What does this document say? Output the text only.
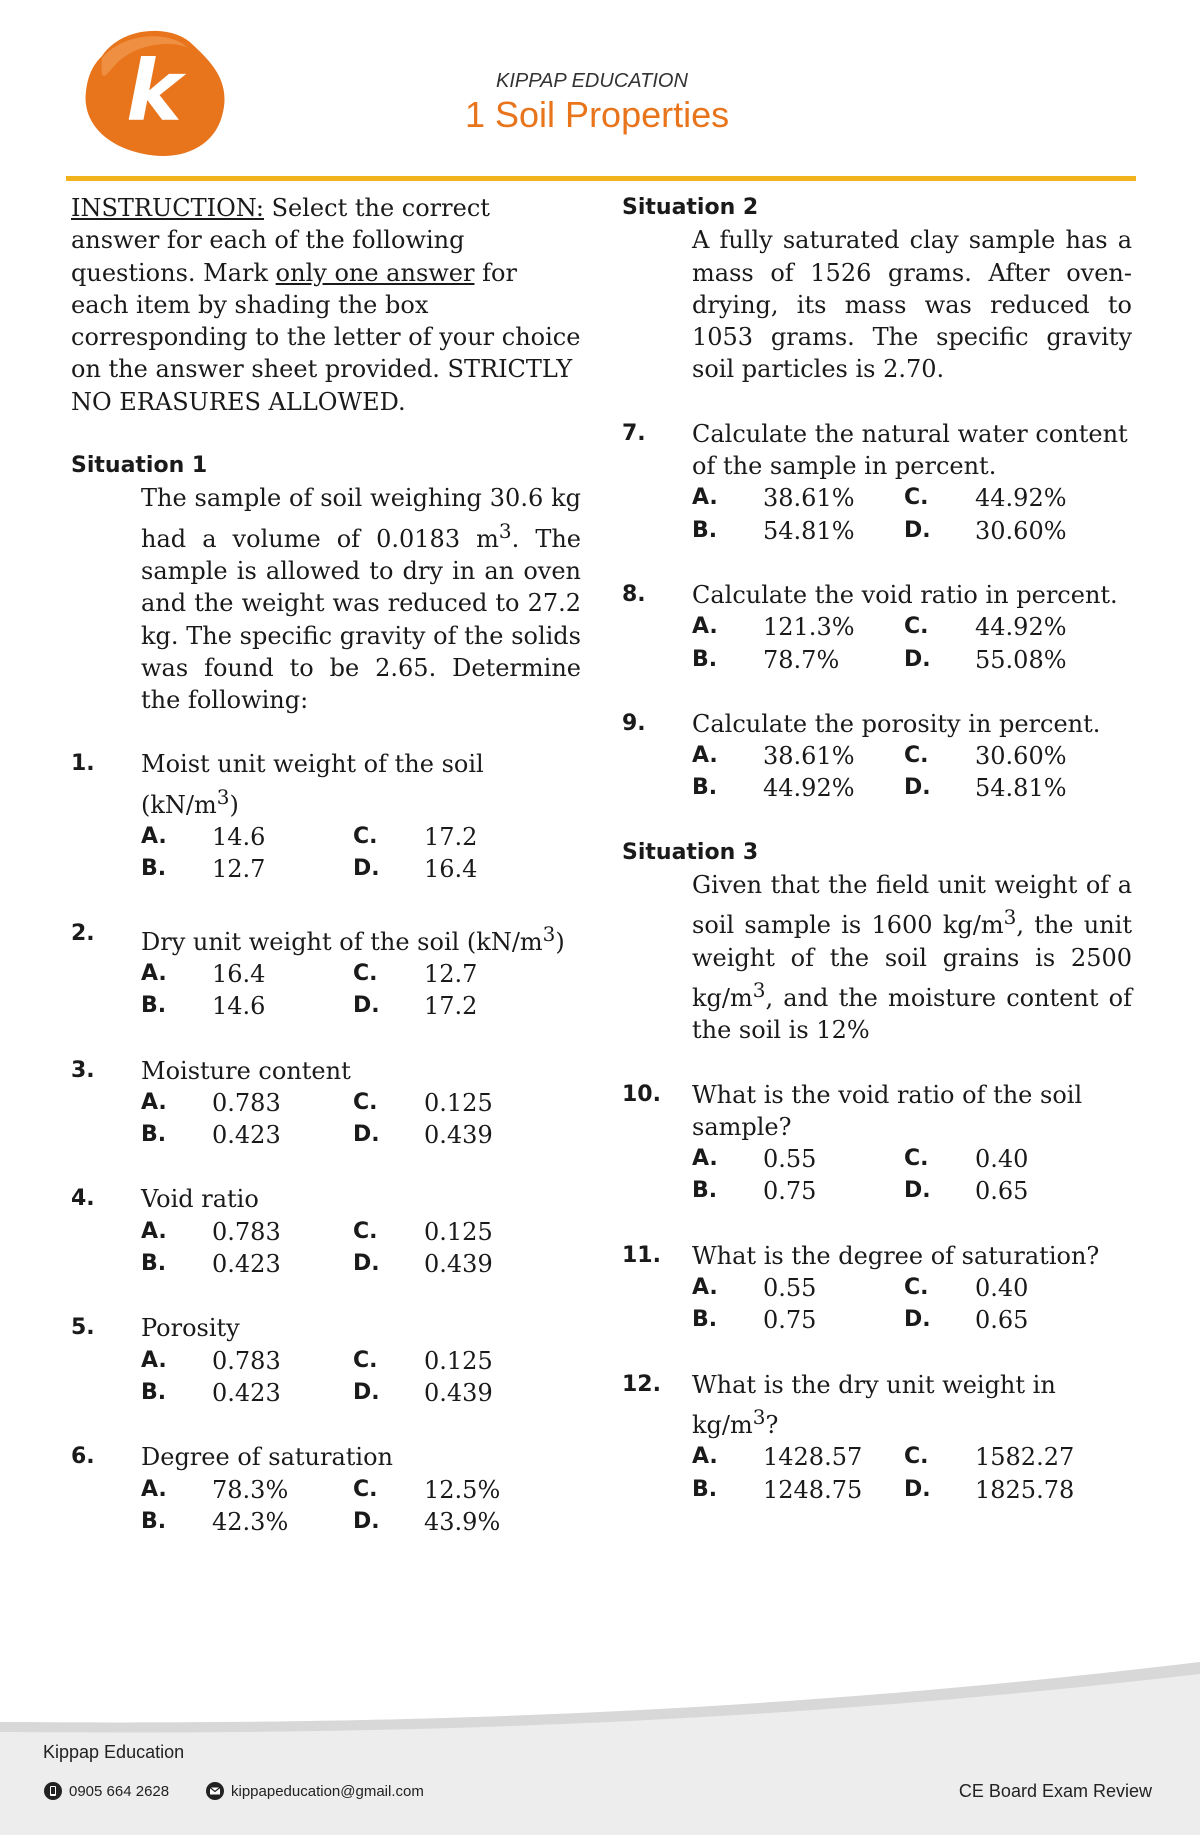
k	KIPPAP EDUCATION
1 Soil Properties

INSTRUCTION: Select the correct answer for each of the following questions. Mark only one answer for each item by shading the box corresponding to the letter of your choice on the answer sheet provided. STRICTLY NO ERASURES ALLOWED.

Situation 1

The sample of soil weighing 30.6 kg had a volume of 0.0183 $m^3$. The sample is allowed to dry in an oven and the weight was reduced to 27.2 kg. The specific gravity of the solids was found to be 2.65. Determine the following:

1.	Moist unit weight of the soil $(kN/m^3)$
A.	14.6	C.	17.2
B.	12.7	D.	16.4
2.	Dry unit weight of the soil $(kN/m^3)$
A.	16.4	C.	12.7
B.	14.6	D.	17.2
3.	Moisture content
A.	0.783	C.	0.125
B.	0.423	D.	0.439
4.	Void ratio
A.	0.783	C.	0.125
B.	0.423	D.	0.439
5.	Porosity
A.	0.783	C.	0.125
B.	0.423	D.	0.439
6.	Degree of saturation
A.	78.3%	C.	12.5%
B.	42.3%	D.	43.9%

Situation 2

A fully saturated clay sample has a mass of 1526 grams. After oven-drying, its mass was reduced to 1053 grams. The specific gravity soil particles is 2.70.

7.	Calculate the natural water content of the sample in percent.
A.	38.61%	C.	44.92%
B.	54.81%	D.	30.60%
8.	Calculate the void ratio in percent.
A.	121.3%	C.	44.92%
B.	78.7%	D.	55.08%
9.	Calculate the porosity in percent.
A.	38.61%	C.	30.60%
B.	44.92%	D.	54.81%

Situation 3

Given that the field unit weight of a soil sample is 1600 $kg/m^3$, the unit weight of the soil grains is 2500 $kg/m^3$, and the moisture content of the soil is 12%

10.	What is the void ratio of the soil sample?
A.	0.55	C.	0.40
B.	0.75	D.	0.65
11.	What is the degree of saturation?
A.	0.55	C.	0.40
B.	0.75	D.	0.65
12.	What is the dry unit weight in $kg/m^3$?
A.	1428.57	C.	1582.27
B.	1248.75	D.	1825.78
Kippap Education
0905 664 2628	kippapeducation@gmail.com	CE Board Exam Review
